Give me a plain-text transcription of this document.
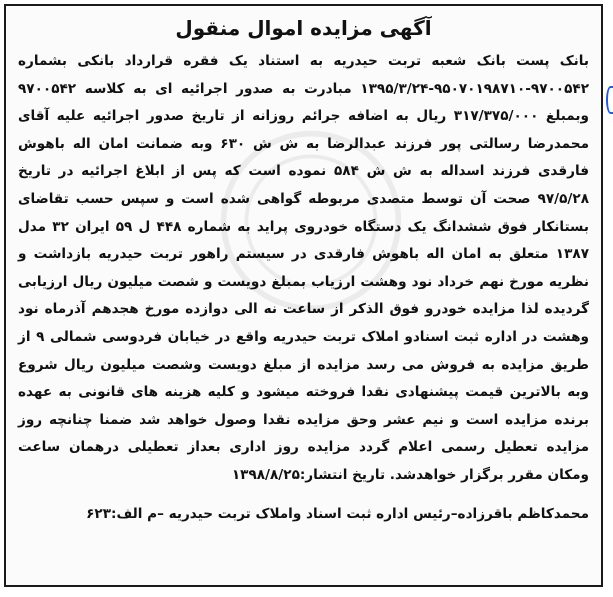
آگهی مزایده اموال منقول

بانک پست بانک شعبه تربت حیدریه به استناد یک فقره قرارداد بانکی بشماره ۹۷۰۰۵۴۲-۹۵۰۷۰۱۹۸۷۱۰-۱۳۹۵/۳/۲۴ مبادرت به صدور اجرائیه ای به کلاسه ۹۷۰۰۵۴۲ وبمبلغ ۳۱۷/۳۷۵/۰۰۰ ریال به اضافه جرائم روزانه از تاریخ صدور اجرائیه علیه آقای محمدرضا رسالتی پور فرزند عبدالرضا به ش ش ۶۳۰ وبه ضمانت امان اله باهوش فارقدی فرزند اسداله به ش ش ۵۸۴ نموده است که پس از ابلاغ اجرائیه در تاریخ ۹۷/۵/۲۸ صحت آن توسط متصدی مربوطه گواهی شده است و سپس حسب تقاضای بستانکار فوق ششدانگ یک دستگاه خودروی پراید به شماره ۴۴۸ ل ۵۹ ایران ۳۲ مدل ۱۳۸۷ متعلق به امان اله باهوش فارقدی در سیستم راهور تربت حیدریه بازداشت و نظریه مورخ نهم خرداد نود وهشت ارزیاب بمبلغ دویست و شصت میلیون ریال ارزیابی گردیده لذا مزایده خودرو فوق الذکر از ساعت نه الی دوازده مورخ هجدهم آذرماه نود وهشت در اداره ثبت اسنادو املاک تربت حیدریه واقع در خیابان فردوسی شمالی ۹ از طریق مزایده به فروش می رسد مزایده از مبلغ دویست وشصت میلیون ریال شروع وبه بالاترین قیمت پیشنهادی نقدا فروخته میشود و کلیه هزینه های قانونی به عهده برنده مزایده است و نیم عشر وحق مزایده نقدا وصول خواهد شد ضمنا چنانچه روز مزایده تعطیل رسمی اعلام گردد مزایده روز اداری بعداز تعطیلی درهمان ساعت ومکان مقرر برگزار خواهدشد. تاریخ انتشار:۱۳۹۸/۸/۲۵

محمدکاظم باقرزاده–رئیس اداره ثبت اسناد واملاک تربت حیدریه –م الف:۶۲۳
